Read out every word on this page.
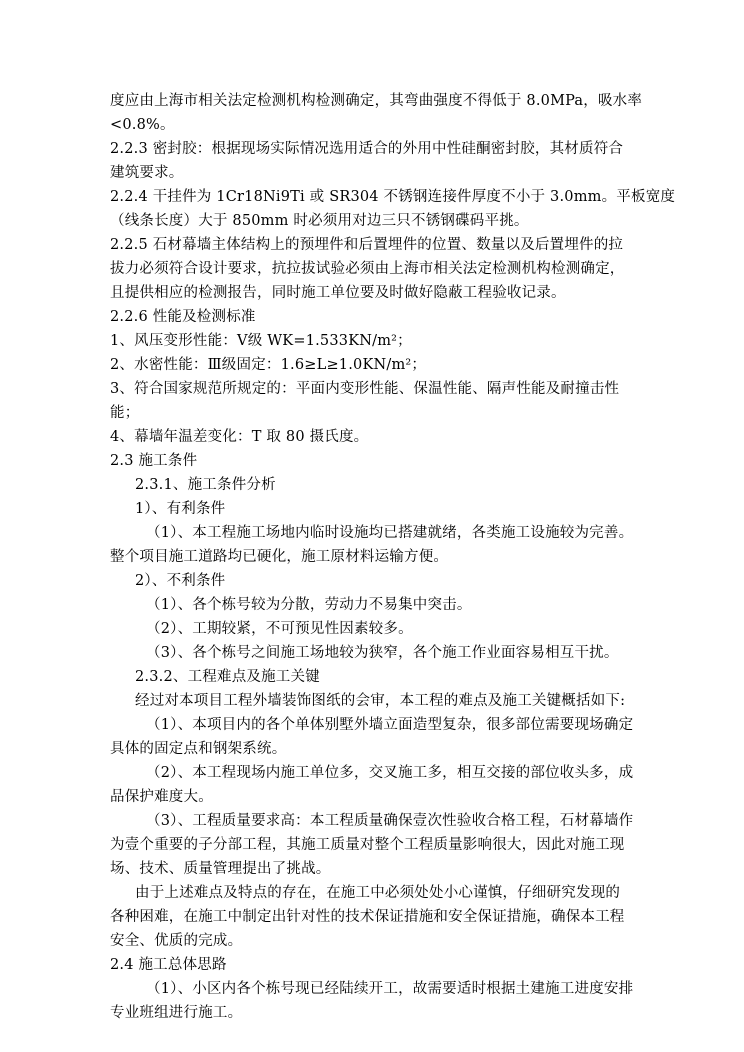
度应由上海市相关法定检测机构检测确定，其弯曲强度不得低于 8.0MPa，吸水率
<0.8%。
2.2.3 密封胶：根据现场实际情况选用适合的外用中性硅酮密封胶，其材质符合
建筑要求。
2.2.4 干挂件为 1Cr18Ni9Ti 或 SR304 不锈钢连接件厚度不小于 3.0mm。平板宽度
（线条长度）大于 850mm 时必须用对边三只不锈钢碟码平挑。
2.2.5 石材幕墙主体结构上的预埋件和后置埋件的位置、数量以及后置埋件的拉
拔力必须符合设计要求，抗拉拔试验必须由上海市相关法定检测机构检测确定，
且提供相应的检测报告，同时施工单位要及时做好隐蔽工程验收记录。
2.2.6 性能及检测标准
1、风压变形性能：Ⅴ级 WK=1.533KN/m²；
2、水密性能：Ⅲ级固定：1.6≥L≥1.0KN/m²；
3、符合国家规范所规定的：平面内变形性能、保温性能、隔声性能及耐撞击性
能；
4、幕墙年温差变化：T 取 80 摄氏度。
2.3 施工条件
2.3.1、施工条件分析
1）、有利条件
（1）、本工程施工场地内临时设施均已搭建就绪，各类施工设施较为完善。
整个项目施工道路均已硬化，施工原材料运输方便。
2）、不利条件
（1）、各个栋号较为分散，劳动力不易集中突击。
（2）、工期较紧，不可预见性因素较多。
（3）、各个栋号之间施工场地较为狭窄，各个施工作业面容易相互干扰。
2.3.2、工程难点及施工关键
经过对本项目工程外墙装饰图纸的会审，本工程的难点及施工关键概括如下:
（1）、本项目内的各个单体别墅外墙立面造型复杂，很多部位需要现场确定
具体的固定点和钢架系统。
（2）、本工程现场内施工单位多，交叉施工多，相互交接的部位收头多，成
品保护难度大。
（3）、工程质量要求高：本工程质量确保壹次性验收合格工程，石材幕墙作
为壹个重要的子分部工程，其施工质量对整个工程质量影响很大，因此对施工现
场、技术、质量管理提出了挑战。
由于上述难点及特点的存在，在施工中必须处处小心谨慎，仔细研究发现的
各种困难，在施工中制定出针对性的技术保证措施和安全保证措施，确保本工程
安全、优质的完成。
2.4 施工总体思路
（1）、小区内各个栋号现已经陆续开工，故需要适时根据土建施工进度安排
专业班组进行施工。
